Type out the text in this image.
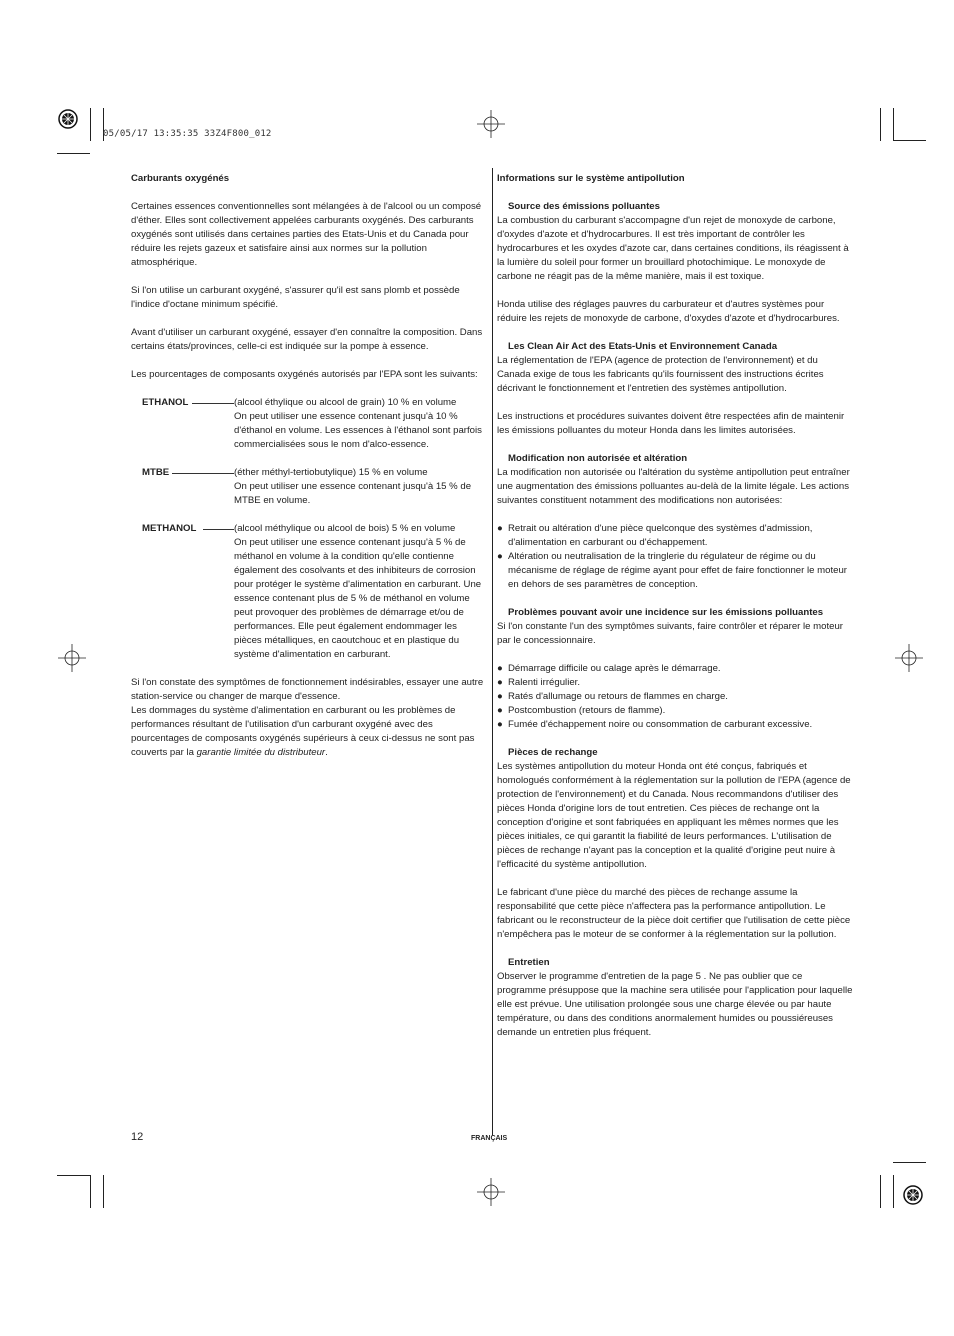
05/05/17 13:35:35 33Z4F800_012

Carburants oxygénés

Certaines essences conventionnelles sont mélangées à de l'alcool ou un composé d'éther. Elles sont collectivement appelées carburants oxygénés. Des carburants oxygénés sont utilisés dans certaines parties des Etats-Unis et du Canada pour réduire les rejets gazeux et satisfaire ainsi aux normes sur la pollution atmosphérique.

Si l'on utilise un carburant oxygéné, s'assurer qu'il est sans plomb et possède l'indice d'octane minimum spécifié.

Avant d'utiliser un carburant oxygéné, essayer d'en connaître la composition. Dans certains états/provinces, celle-ci est indiquée sur la pompe à essence.

Les pourcentages de composants oxygénés autorisés par l'EPA sont les suivants:

ETHANOL	(alcool éthylique ou alcool de grain) 10 % en volume

On peut utiliser une essence contenant jusqu'à 10 % d'éthanol en volume. Les essences à l'éthanol sont parfois commercialisées sous le nom d'alco-essence.

MTBE	(éther méthyl-tertiobutylique) 15 % en volume

On peut utiliser une essence contenant jusqu'à 15 % de MTBE en volume.

METHANOL	(alcool méthylique ou alcool de bois) 5 % en volume

On peut utiliser une essence contenant jusqu'à 5 % de méthanol en volume à la condition qu'elle contienne également des cosolvants et des inhibiteurs de corrosion pour protéger le système d'alimentation en carburant. Une essence contenant plus de 5 % de méthanol en volume peut provoquer des problèmes de démarrage et/ou de performances. Elle peut également endommager les pièces métalliques, en caoutchouc et en plastique du système d'alimentation en carburant.

Si l'on constate des symptômes de fonctionnement indésirables, essayer une autre station-service ou changer de marque d'essence.

Les dommages du système d'alimentation en carburant ou les problèmes de performances résultant de l'utilisation d'un carburant oxygéné avec des pourcentages de composants oxygénés supérieurs à ceux ci-dessus ne sont pas couverts par la garantie limitée du distributeur.

Informations sur le système antipollution

Source des émissions polluantes

La combustion du carburant s'accompagne d'un rejet de monoxyde de carbone, d'oxydes d'azote et d'hydrocarbures. Il est très important de contrôler les hydrocarbures et les oxydes d'azote car, dans certaines conditions, ils réagissent à la lumière du soleil pour former un brouillard photochimique. Le monoxyde de carbone ne réagit pas de la même manière, mais il est toxique.

Honda utilise des réglages pauvres du carburateur et d'autres systèmes pour réduire les rejets de monoxyde de carbone, d'oxydes d'azote et d'hydrocarbures.

Les Clean Air Act des Etats-Unis et Environnement Canada

La réglementation de l'EPA (agence de protection de l'environnement) et du Canada exige de tous les fabricants qu'ils fournissent des instructions écrites décrivant le fonctionnement et l'entretien des systèmes antipollution.

Les instructions et procédures suivantes doivent être respectées afin de maintenir les émissions polluantes du moteur Honda dans les limites autorisées.

Modification non autorisée et altération

La modification non autorisée ou l'altération du système antipollution peut entraîner une augmentation des émissions polluantes au-delà de la limite légale. Les actions suivantes constituent notamment des modifications non autorisées:

● Retrait ou altération d'une pièce quelconque des systèmes d'admission, d'alimentation en carburant ou d'échappement.
● Altération ou neutralisation de la tringlerie du régulateur de régime ou du mécanisme de réglage de régime ayant pour effet de faire fonctionner le moteur en dehors de ses paramètres de conception.

Problèmes pouvant avoir une incidence sur les émissions polluantes

Si l'on constante l'un des symptômes suivants, faire contrôler et réparer le moteur par le concessionnaire.

● Démarrage difficile ou calage après le démarrage.
● Ralenti irrégulier.
● Ratés d'allumage ou retours de flammes en charge.
● Postcombustion (retours de flamme).
● Fumée d'échappement noire ou consommation de carburant excessive.

Pièces de rechange

Les systèmes antipollution du moteur Honda ont été conçus, fabriqués et homologués conformément à la réglementation sur la pollution de l'EPA (agence de protection de l'environnement) et du Canada. Nous recommandons d'utiliser des pièces Honda d'origine lors de tout entretien. Ces pièces de rechange ont la conception d'origine et sont fabriquées en appliquant les mêmes normes que les pièces initiales, ce qui garantit la fiabilité de leurs performances. L'utilisation de pièces de rechange n'ayant pas la conception et la qualité d'origine peut nuire à l'efficacité du système antipollution.

Le fabricant d'une pièce du marché des pièces de rechange assume la responsabilité que cette pièce n'affectera pas la performance antipollution. Le fabricant ou le reconstructeur de la pièce doit certifier que l'utilisation de cette pièce n'empêchera pas le moteur de se conformer à la réglementation sur la pollution.

Entretien

Observer le programme d'entretien de la page 5 . Ne pas oublier que ce programme présuppose que la machine sera utilisée pour l'application pour laquelle elle est prévue. Une utilisation prolongée sous une charge élevée ou par haute température, ou dans des conditions anormalement humides ou poussiéreuses demande un entretien plus fréquent.

12	FRANÇAIS
